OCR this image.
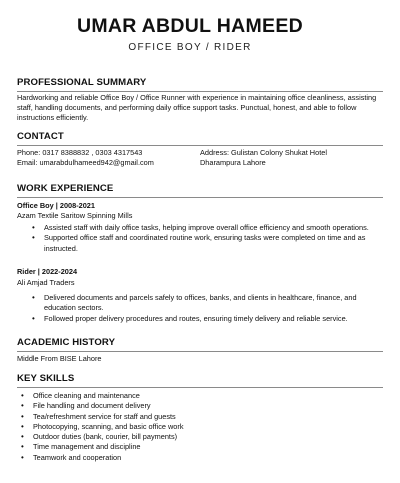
UMAR ABDUL HAMEED
OFFICE BOY / RIDER
PROFESSIONAL SUMMARY
Hardworking and reliable Office Boy / Office Runner with experience in maintaining office cleanliness, assisting staff, handling documents, and performing daily office support tasks. Punctual, honest, and able to follow instructions efficiently.
CONTACT
Phone: 0317 8388832 , 0303 4317543
Email: umarabdulhameed942@gmail.com
Address: Gulistan Colony Shukat Hotel
Dharampura Lahore
WORK EXPERIENCE
Office Boy | 2008-2021
Azam Textile Saritow Spinning Mills
• Assisted staff with daily office tasks, helping improve overall office efficiency and smooth operations.
• Supported office staff and coordinated routine work, ensuring tasks were completed on time and as instructed.
Rider | 2022-2024
Ali Amjad Traders
• Delivered documents and parcels safely to offices, banks, and clients in healthcare, finance, and education sectors.
• Followed proper delivery procedures and routes, ensuring timely delivery and reliable service.
ACADEMIC HISTORY
Middle From BISE Lahore
KEY SKILLS
• Office cleaning and maintenance
• File handling and document delivery
• Tea/refreshment service for staff and guests
• Photocopying, scanning, and basic office work
• Outdoor duties (bank, courier, bill payments)
• Time management and discipline
• Teamwork and cooperation
